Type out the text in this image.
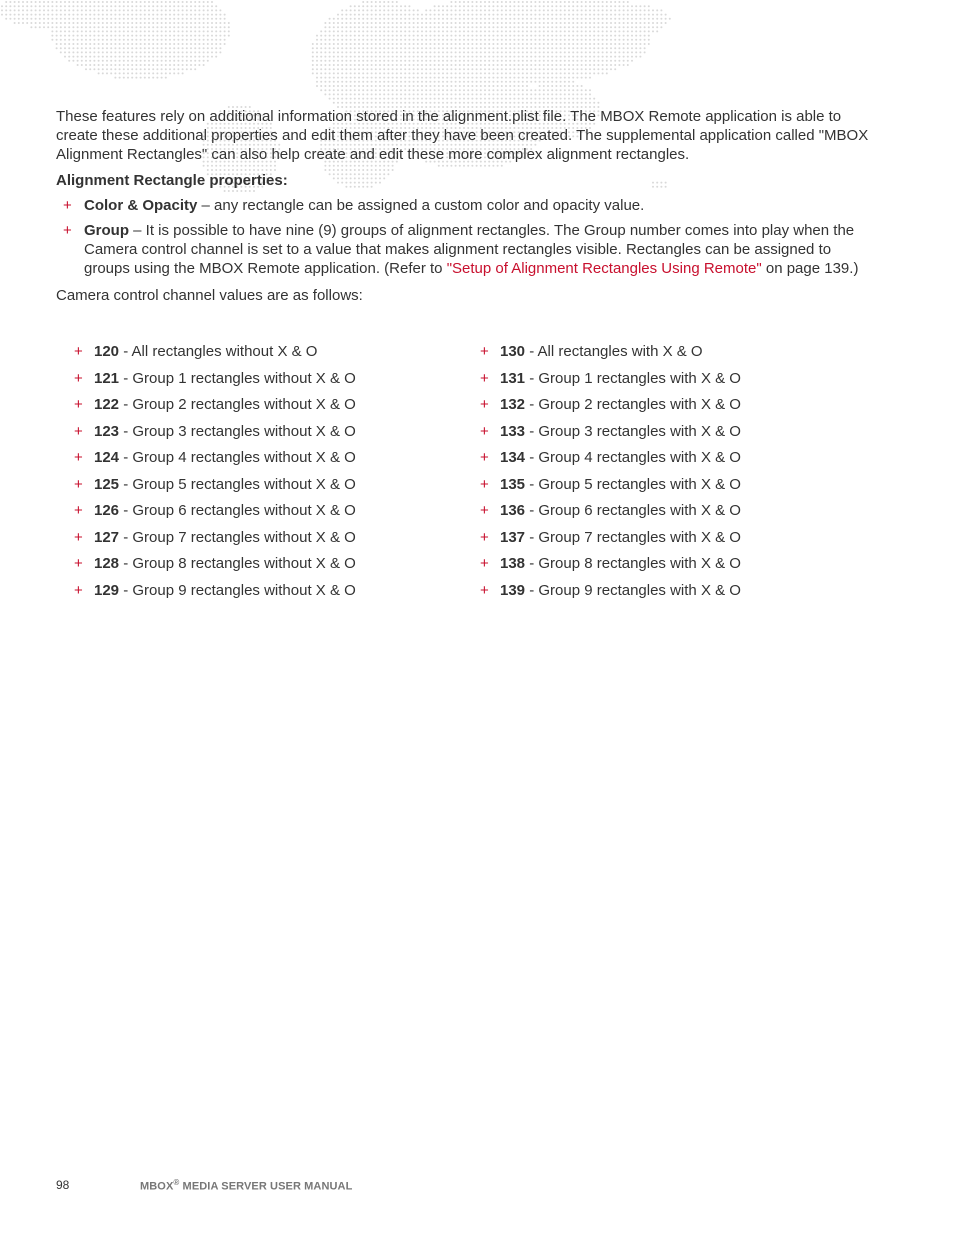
These features rely on additional information stored in the alignment.plist file. The MBOX Remote application is able to create these additional properties and edit them after they have been created. The supplemental application called "MBOX Alignment Rectangles" can also help create and edit these more complex alignment rectangles.

Alignment Rectangle properties:

+ Color & Opacity – any rectangle can be assigned a custom color and opacity value.
+ Group – It is possible to have nine (9) groups of alignment rectangles. The Group number comes into play when the Camera control channel is set to a value that makes alignment rectangles visible. Rectangles can be assigned to groups using the MBOX Remote application. (Refer to "Setup of Alignment Rectangles Using Remote" on page 139.)

Camera control channel values are as follows:

+ 120 - All rectangles without X & O
+ 121 - Group 1 rectangles without X & O
+ 122 - Group 2 rectangles without X & O
+ 123 - Group 3 rectangles without X & O
+ 124 - Group 4 rectangles without X & O
+ 125 - Group 5 rectangles without X & O
+ 126 - Group 6 rectangles without X & O
+ 127 - Group 7 rectangles without X & O
+ 128 - Group 8 rectangles without X & O
+ 129 - Group 9 rectangles without X & O
+ 130 - All rectangles with X & O
+ 131 - Group 1 rectangles with X & O
+ 132 - Group 2 rectangles with X & O
+ 133 - Group 3 rectangles with X & O
+ 134 - Group 4 rectangles with X & O
+ 135 - Group 5 rectangles with X & O
+ 136 - Group 6 rectangles with X & O
+ 137 - Group 7 rectangles with X & O
+ 138 - Group 8 rectangles with X & O
+ 139 - Group 9 rectangles with X & O
98	MBOX® MEDIA SERVER USER MANUAL
